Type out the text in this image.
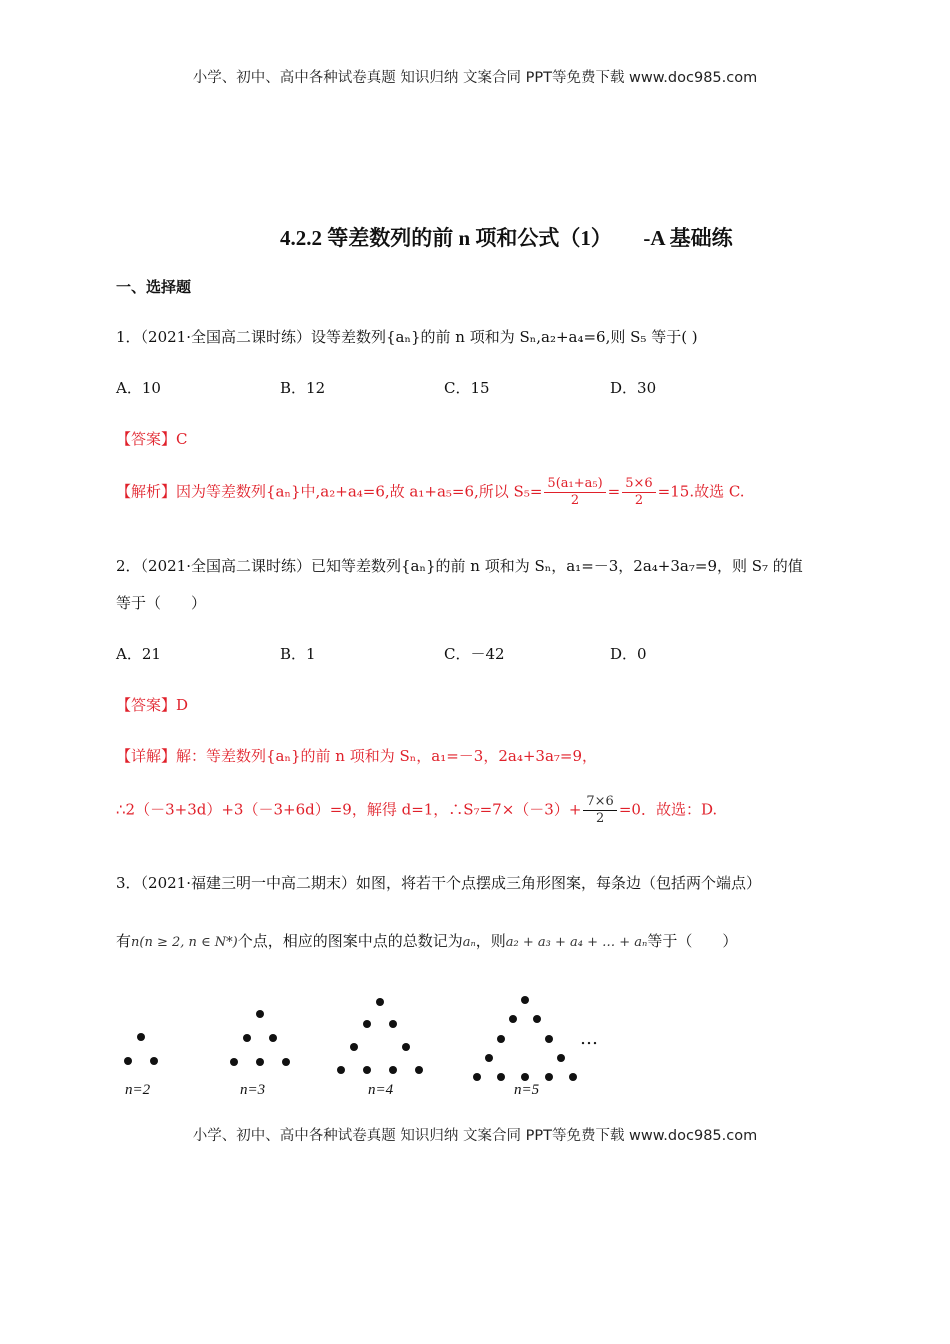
小学、初中、高中各种试卷真题 知识归纳 文案合同 PPT等免费下载 www.doc985.com
4.2.2 等差数列的前 n 项和公式（1）　　-A 基础练
一、选择题
1．（2021·全国高二课时练）设等差数列{aₙ}的前 n 项和为 Sₙ,a₂+a₄=6,则 S₅ 等于( )
A．10	B．12	C．15	D．30
【答案】C
【解析】因为等差数列{aₙ}中,a₂+a₄=6,故 a₁+a₅=6,所以 $S_5= \frac{\text{5(a₁+a₅)}}{2} = \frac{5\times 6}{2} =15$.故选 C.
2．（2021·全国高二课时练）已知等差数列{aₙ}的前 n 项和为 Sₙ，a₁=－3，2a₄+3a₇=9，则 S₇ 的值
等于（　　）
A．21	B．1	C．－42	D．0
【答案】D
【详解】解：等差数列{aₙ}的前 n 项和为 Sₙ，a₁=－3，2a₄+3a₇=9，
∴2（－3+3d）+3（－3+6d）=9，解得 d=1，∴S₇=7×（－3）+ $\frac{7\times 6}{2} =0$．故选：D.
3．（2021·福建三明一中高二期末）如图，将若干个点摆成三角形图案，每条边（包括两个端点）
有n(n ≥ 2, n ∈ N*)个点，相应的图案中点的总数记为aₙ，则a₂ + a₃ + a₄ + … + aₙ等于（　　）
…
n=2	n=3	n=4	n=5
小学、初中、高中各种试卷真题 知识归纳 文案合同 PPT等免费下载 www.doc985.com
